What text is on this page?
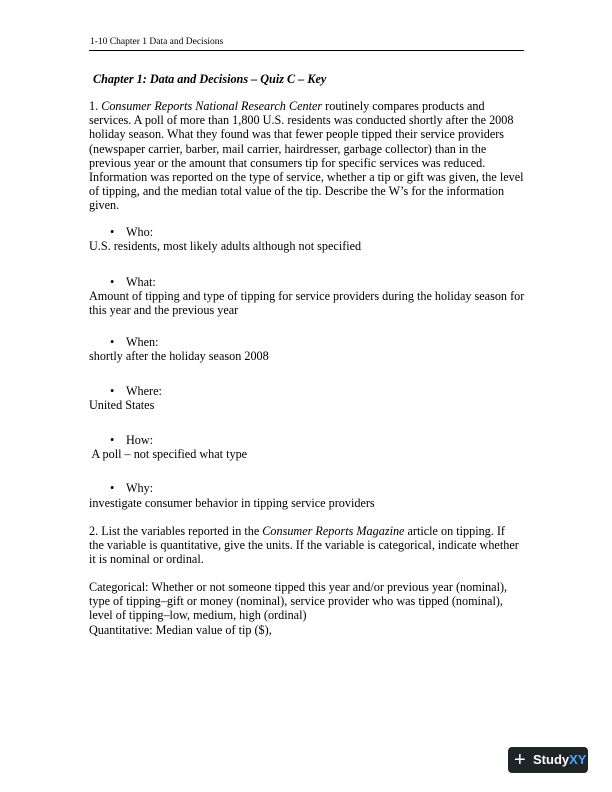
1-10 Chapter 1 Data and Decisions
Chapter 1: Data and Decisions – Quiz C – Key
1. Consumer Reports National Research Center routinely compares products and
services. A poll of more than 1,800 U.S. residents was conducted shortly after the 2008
holiday season. What they found was that fewer people tipped their service providers
(newspaper carrier, barber, mail carrier, hairdresser, garbage collector) than in the
previous year or the amount that consumers tip for specific services was reduced.
Information was reported on the type of service, whether a tip or gift was given, the level
of tipping, and the median total value of the tip. Describe the W’s for the information
given.
• Who:
U.S. residents, most likely adults although not specified
• What:
Amount of tipping and type of tipping for service providers during the holiday season for
this year and the previous year
• When:
shortly after the holiday season 2008
• Where:
United States
• How:
A poll – not specified what type
• Why:
investigate consumer behavior in tipping service providers
2. List the variables reported in the Consumer Reports Magazine article on tipping. If
the variable is quantitative, give the units. If the variable is categorical, indicate whether
it is nominal or ordinal.
Categorical: Whether or not someone tipped this year and/or previous year (nominal),
type of tipping–gift or money (nominal), service provider who was tipped (nominal),
level of tipping–low, medium, high (ordinal)
Quantitative: Median value of tip ($),
+ StudyXY
